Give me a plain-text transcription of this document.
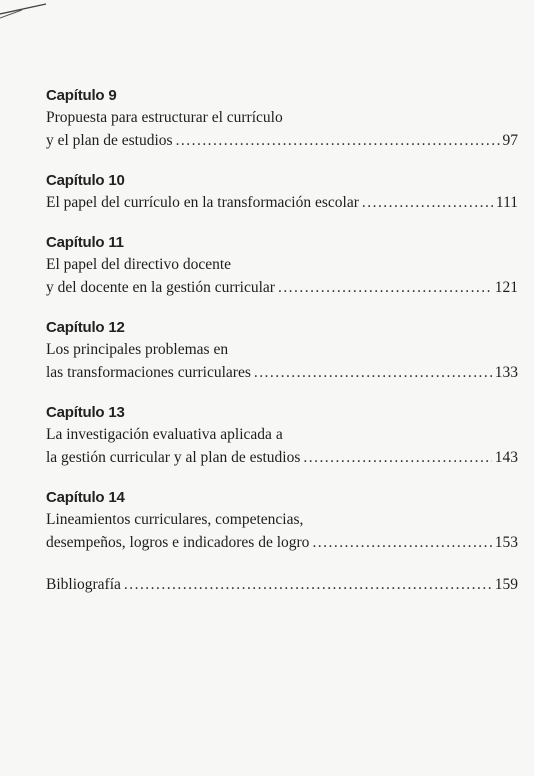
Capítulo 9
Propuesta para estructurar el currículo
y el plan de estudios . . .	97
Capítulo 10
El papel del currículo en la transformación escolar . . .	111
Capítulo 11
El papel del directivo docente
y del docente en la gestión curricular . . .	121
Capítulo 12
Los principales problemas en
las transformaciones curriculares . . .	133
Capítulo 13
La investigación evaluativa aplicada a
la gestión curricular y al plan de estudios . . .	143
Capítulo 14
Lineamientos curriculares, competencias,
desempeños, logros e indicadores de logro . . .	153
Bibliografía . . .	159
